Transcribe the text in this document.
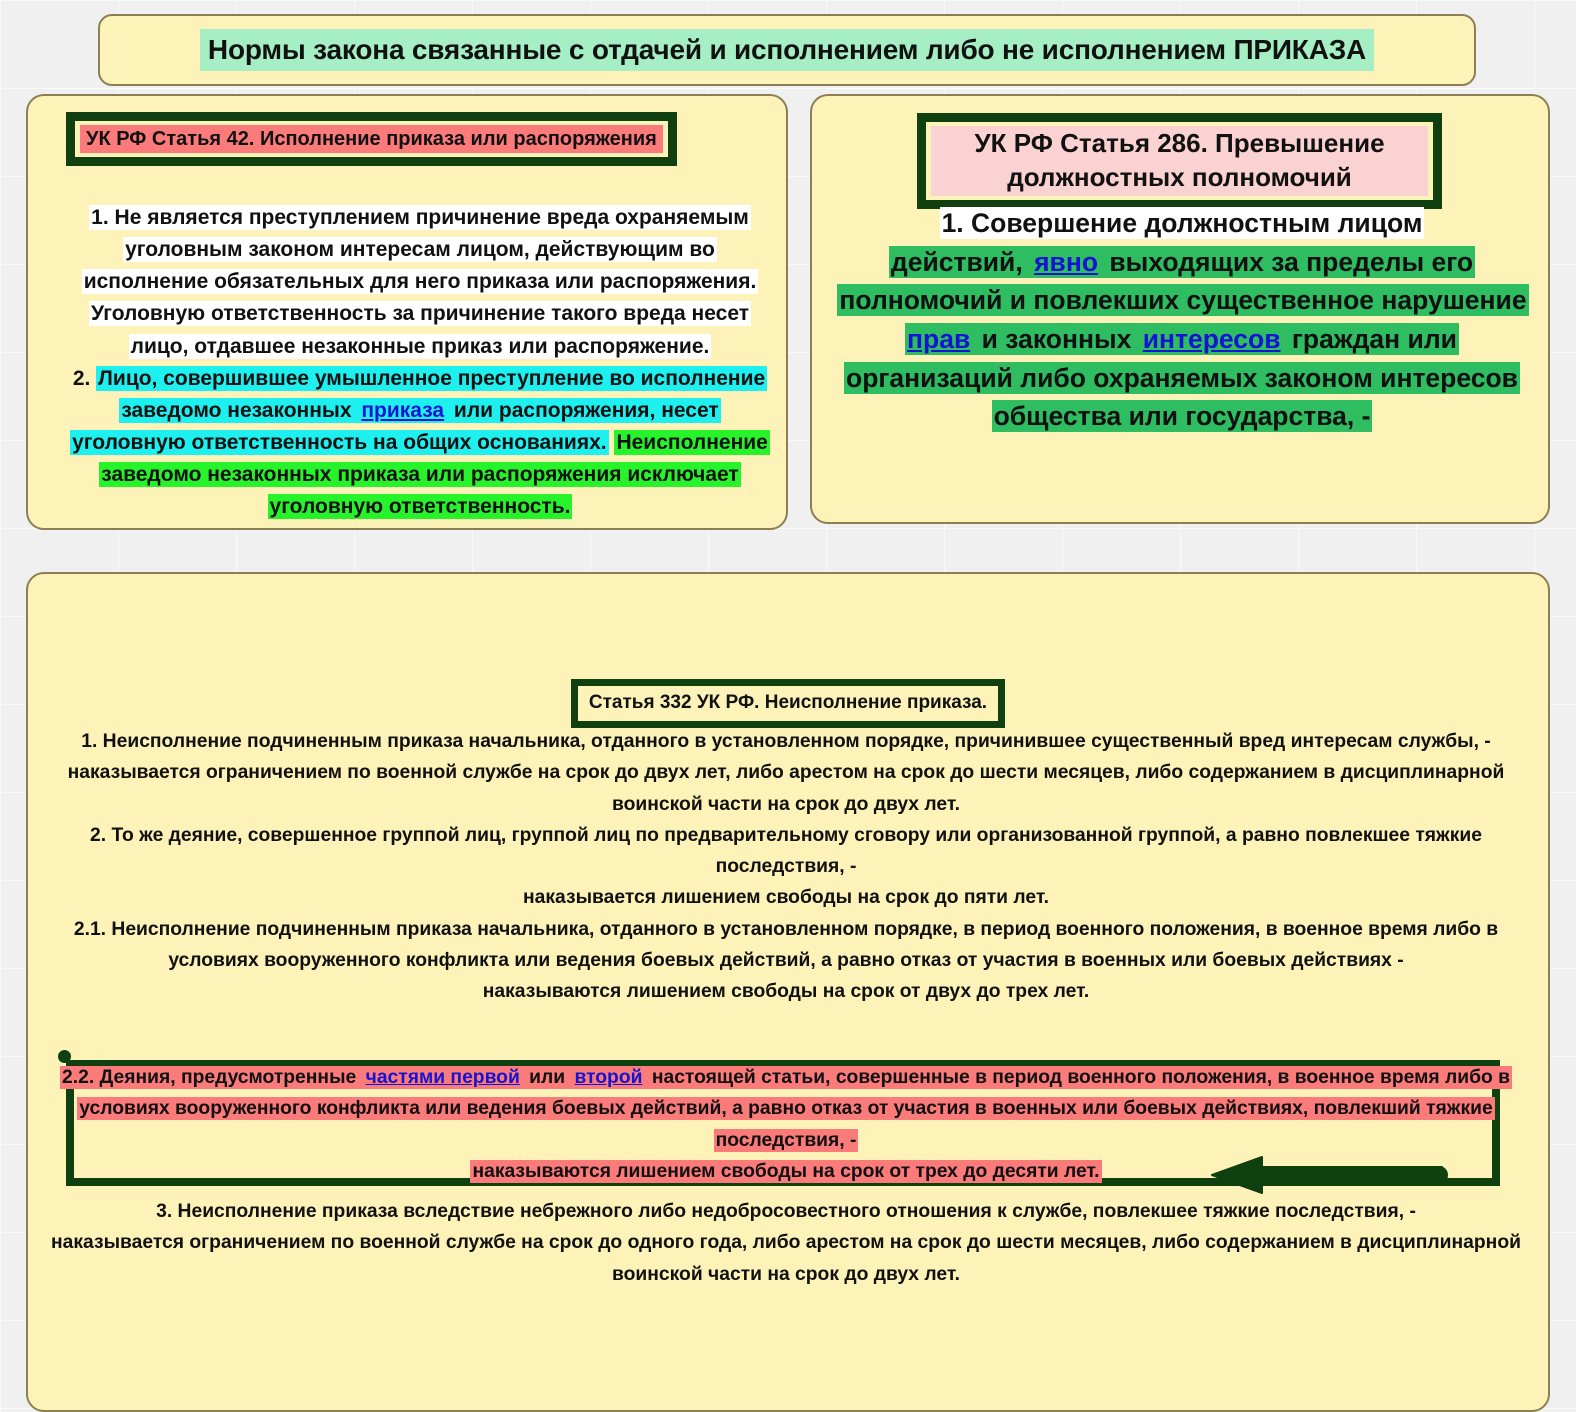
Нормы закона связанные с отдачей и исполнением либо не исполнением ПРИКАЗА
УК РФ Статья 42. Исполнение приказа или распоряжения

1. Не является преступлением причинение вреда охраняемым уголовным законом интересам лицом, действующим во исполнение обязательных для него приказа или распоряжения. Уголовную ответственность за причинение такого вреда несет лицо, отдавшее незаконные приказ или распоряжение.

2. Лицо, совершившее умышленное преступление во исполнение заведомо незаконных приказа или распоряжения, несет уголовную ответственность на общих основаниях. Неисполнение заведомо незаконных приказа или распоряжения исключает уголовную ответственность.

УК РФ Статья 286. Превышение должностных полномочий

1. Совершение должностным лицом
действий, явно выходящих за пределы его полномочий и повлекших существенное нарушение прав и законных интересов граждан или организаций либо охраняемых законом интересов общества или государства, -

Статья 332 УК РФ. Неисполнение приказа.

1. Неисполнение подчиненным приказа начальника, отданного в установленном порядке, причинившее существенный вред интересам службы, -

наказывается ограничением по военной службе на срок до двух лет, либо арестом на срок до шести месяцев, либо содержанием в дисциплинарной воинской части на срок до двух лет.

2. То же деяние, совершенное группой лиц, группой лиц по предварительному сговору или организованной группой, а равно повлекшее тяжкие последствия, -

наказывается лишением свободы на срок до пяти лет.

2.1. Неисполнение подчиненным приказа начальника, отданного в установленном порядке, в период военного положения, в военное время либо в условиях вооруженного конфликта или ведения боевых действий, а равно отказ от участия в военных или боевых действиях -

наказываются лишением свободы на срок от двух до трех лет.

2.2. Деяния, предусмотренные частями первой или второй настоящей статьи, совершенные в период военного положения, в военное время либо в условиях вооруженного конфликта или ведения боевых действий, а равно отказ от участия в военных или боевых действиях, повлекший тяжкие последствия, -

наказываются лишением свободы на срок от трех до десяти лет.

3. Неисполнение приказа вследствие небрежного либо недобросовестного отношения к службе, повлекшее тяжкие последствия, -

наказывается ограничением по военной службе на срок до одного года, либо арестом на срок до шести месяцев, либо содержанием в дисциплинарной воинской части на срок до двух лет.
